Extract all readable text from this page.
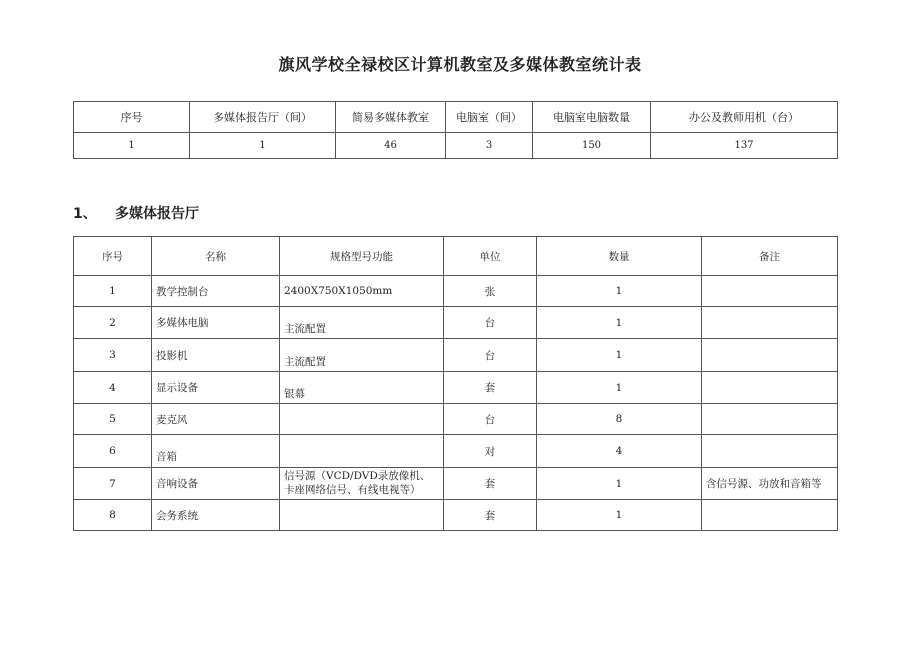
旗风学校全禄校区计算机教室及多媒体教室统计表
序号	多媒体报告厅（间）	简易多媒体教室	电脑室（间）	电脑室电脑数量	办公及教师用机（台）
1	1	46	3	150	137
1、 多媒体报告厅
序号	名称	规格型号功能	单位	数量	备注
1	教学控制台	2400X750X1050mm	张	1	
2	多媒体电脑	主流配置	台	1	
3	投影机	主流配置	台	1	
4	显示设备	银幕	套	1	
5	麦克风		台	8	
6	音箱		对	4	
7	音响设备	信号源（VCD/DVD录放像机、卡座网络信号、有线电视等）	套	1	含信号源、功放和音箱等
8	会务系统		套	1	
